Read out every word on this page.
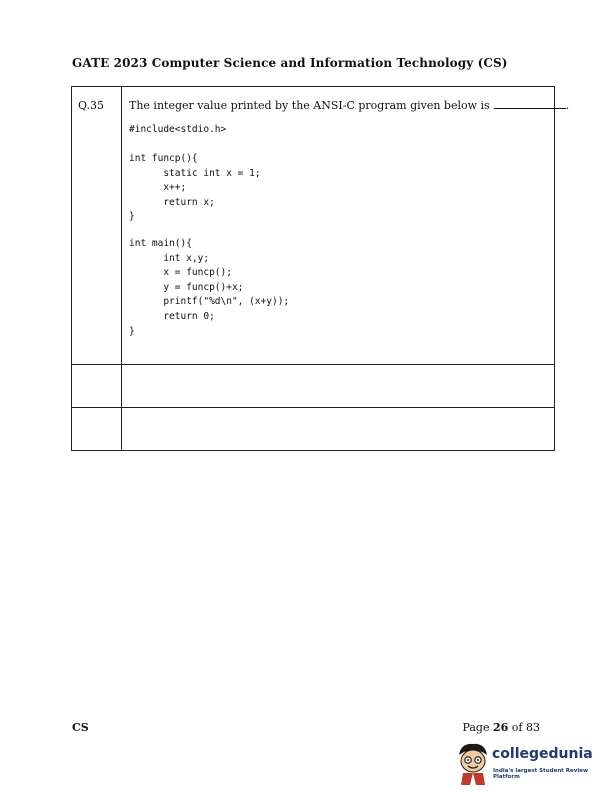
GATE 2023 Computer Science and Information Technology (CS)
Q.35 The integer value printed by the ANSI-C program given below is	.
#include<stdio.h>
int funcp(){
static int x = 1;
x++;
return x;
}
int main(){
int x,y;
x = funcp();
y = funcp()+x;
printf("%d\n", (x+y));
return 0;
}
CS	Page 26 of 83
collegedunia
India's largest Student Review Platform
